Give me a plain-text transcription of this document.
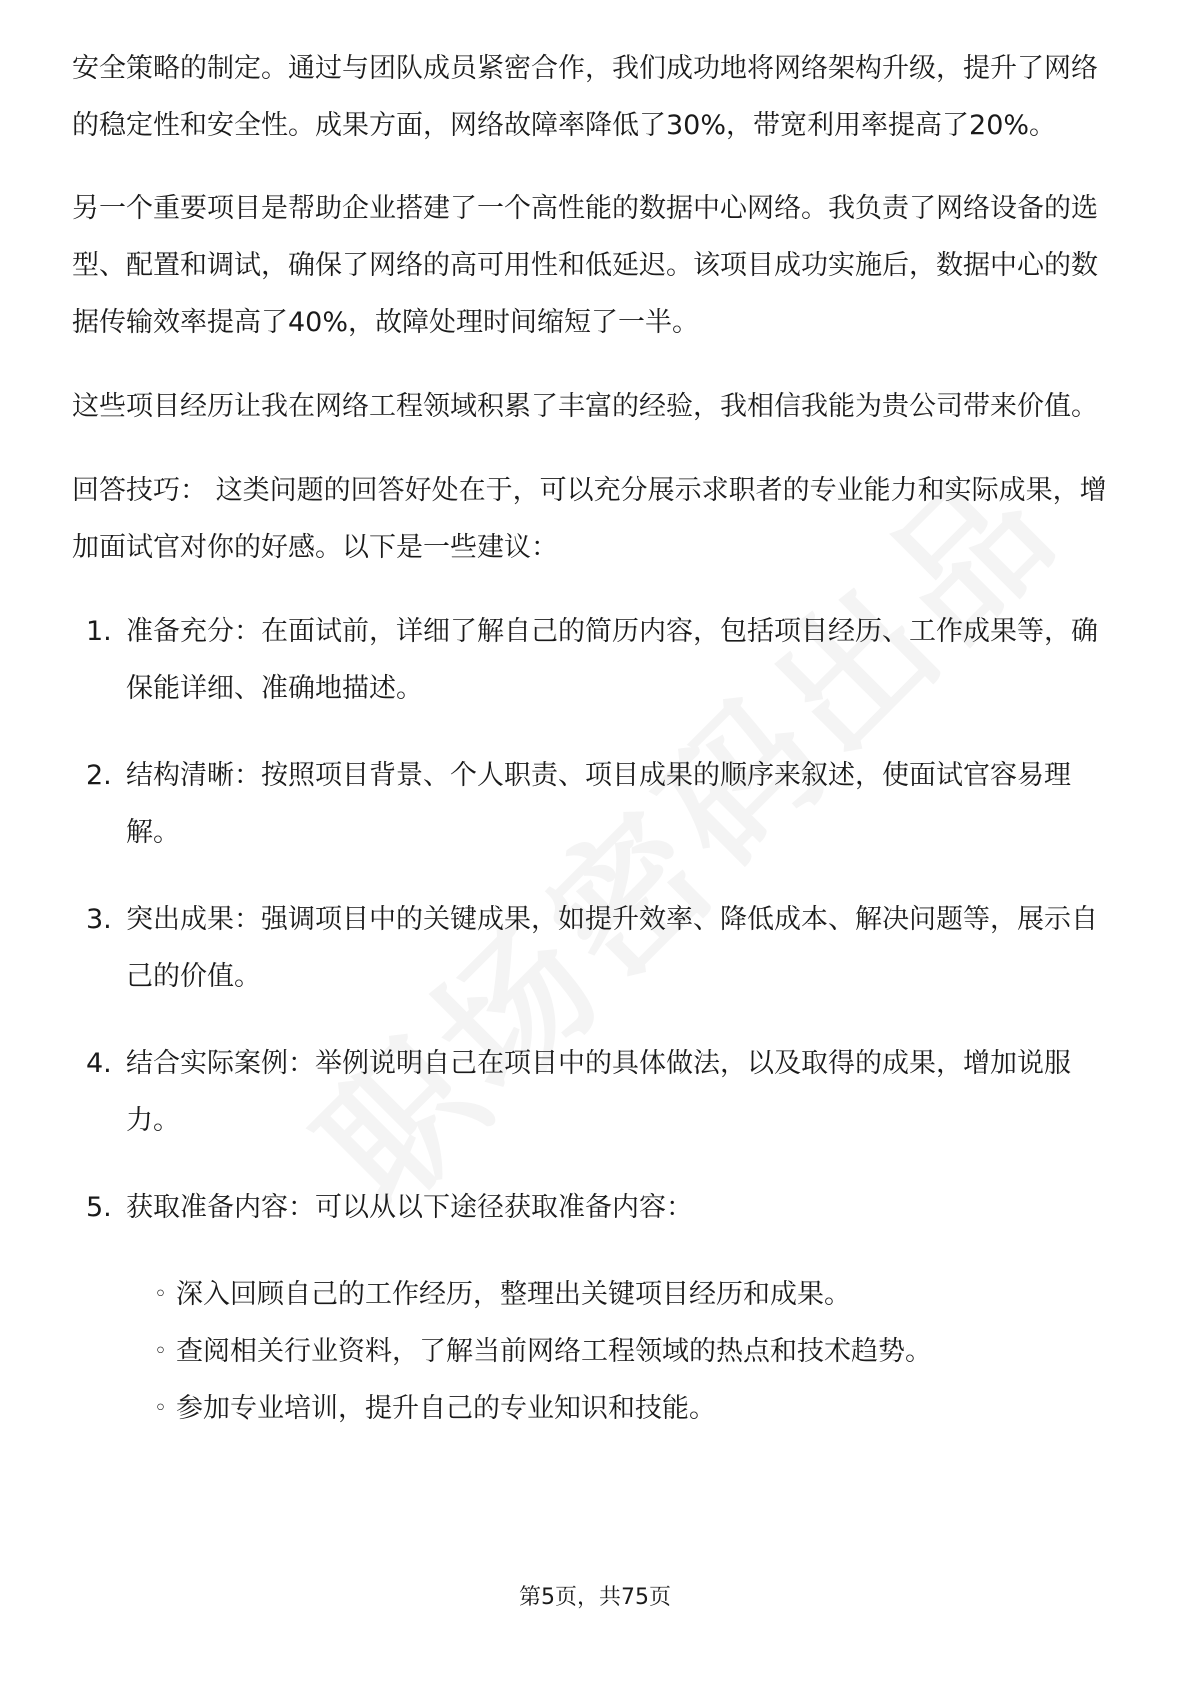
安全策略的制定。通过与团队成员紧密合作，我们成功地将网络架构升级，提升了网络的稳定性和安全性。成果方面，网络故障率降低了30%，带宽利用率提高了20%。

另一个重要项目是帮助企业搭建了一个高性能的数据中心网络。我负责了网络设备的选型、配置和调试，确保了网络的高可用性和低延迟。该项目成功实施后，数据中心的数据传输效率提高了40%，故障处理时间缩短了一半。

这些项目经历让我在网络工程领域积累了丰富的经验，我相信我能为贵公司带来价值。

回答技巧： 这类问题的回答好处在于，可以充分展示求职者的专业能力和实际成果，增加面试官对你的好感。以下是一些建议：

1. 准备充分：在面试前，详细了解自己的简历内容，包括项目经历、工作成果等，确保能详细、准确地描述。
2. 结构清晰：按照项目背景、个人职责、项目成果的顺序来叙述，使面试官容易理解。
3. 突出成果：强调项目中的关键成果，如提升效率、降低成本、解决问题等，展示自己的价值。
4. 结合实际案例：举例说明自己在项目中的具体做法，以及取得的成果，增加说服力。
5. 获取准备内容：可以从以下途径获取准备内容：
◦ 深入回顾自己的工作经历，整理出关键项目经历和成果。
◦ 查阅相关行业资料，了解当前网络工程领域的热点和技术趋势。
◦ 参加专业培训，提升自己的专业知识和技能。
第5页，共75页
